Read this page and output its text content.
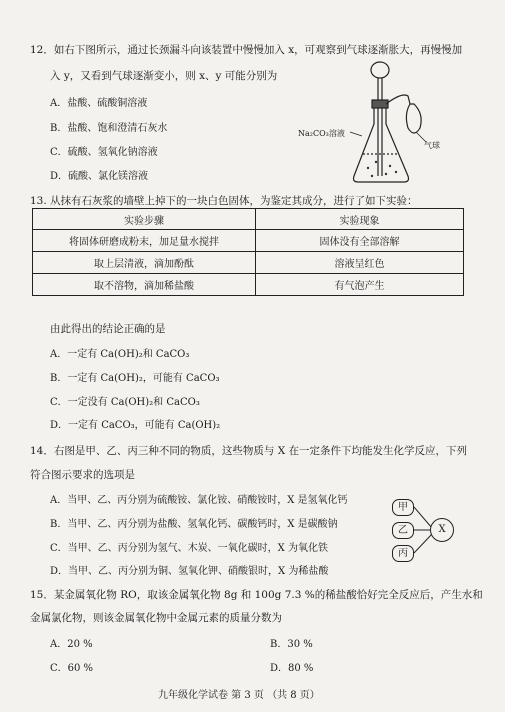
12．如右下图所示，通过长颈漏斗向该装置中慢慢加入 x，可观察到气球逐渐胀大，再慢慢加
入 y，又看到气球逐渐变小，则 x、y 可能分别为
A．盐酸、硫酸铜溶液
B．盐酸、饱和澄清石灰水
C．硫酸、氢氧化钠溶液
D．硫酸、氯化镁溶液
Na₂CO₃溶液
气球
13. 从抹有石灰浆的墙壁上掉下的一块白色固体，为鉴定其成分，进行了如下实验：
实验步骤	实验现象
将固体研磨成粉末，加足量水搅拌	固体没有全部溶解
取上层清液，滴加酚酞	溶液呈红色
取不溶物，滴加稀盐酸	有气泡产生
由此得出的结论正确的是
A．一定有 Ca(OH)₂和 CaCO₃
B．一定有 Ca(OH)₂，可能有 CaCO₃
C．一定没有 Ca(OH)₂和 CaCO₃
D．一定有 CaCO₃，可能有 Ca(OH)₂
14．右图是甲、乙、丙三种不同的物质，这些物质与 X 在一定条件下均能发生化学反应，下列
符合图示要求的选项是
A．当甲、乙、丙分别为硫酸铵、氯化铵、硝酸铵时，X 是氢氧化钙
B．当甲、乙、丙分别为盐酸、氢氧化钙、碳酸钙时，X 是碳酸钠
C．当甲、乙、丙分别为氢气、木炭、一氧化碳时，X 为氧化铁
D．当甲、乙、丙分别为铜、氢氧化钾、硝酸银时，X 为稀盐酸
甲
乙
丙
X
15．某金属氧化物 RO，取该金属氧化物 8g 和 100g 7.3 %的稀盐酸恰好完全反应后，产生水和
金属氯化物，则该金属氧化物中金属元素的质量分数为
A．20 %	B．30 %
C．60 %	D．80 %
九年级化学试卷 第 3 页 （共 8 页）
